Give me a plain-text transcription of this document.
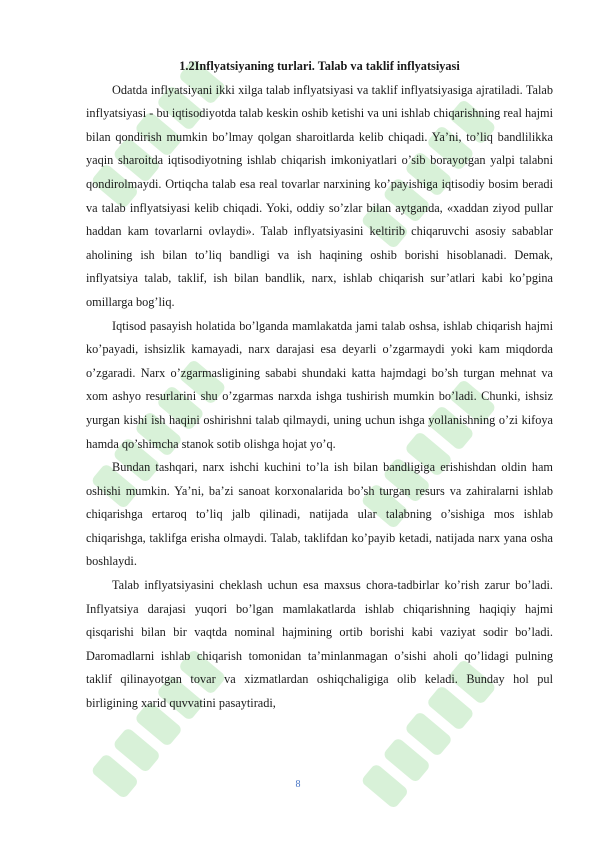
1.2Inflyatsiyaning turlari. Talab va taklif inflyatsiyasi

Odatda inflyatsiyani ikki xilga talab inflyatsiyasi va taklif inflyatsiyasiga ajratiladi. Talab inflyatsiyasi - bu iqtisodiyotda talab keskin oshib ketishi va uni ishlab chiqarishning real hajmi bilan qondirish mumkin bo’lmay qolgan sharoitlarda kelib chiqadi. Ya’ni, to’liq bandlilikka yaqin sharoitda iqtisodiyotning ishlab chiqarish imkoniyatlari o’sib borayotgan yalpi talabni qondirolmaydi. Ortiqcha talab esa real tovarlar narxining ko’payishiga iqtisodiy bosim beradi va talab inflyatsiyasi kelib chiqadi. Yoki, oddiy so’zlar bilan aytganda, «xaddan ziyod pullar haddan kam tovarlarni ovlaydi». Talab inflyatsiyasini keltirib chiqaruvchi asosiy sabablar aholining ish bilan to’liq bandligi va ish haqining oshib borishi hisoblanadi. Demak, inflyatsiya talab, taklif, ish bilan bandlik, narx, ishlab chiqarish sur’atlari kabi ko’pgina omillarga bog’liq.

Iqtisod pasayish holatida bo’lganda mamlakatda jami talab oshsa, ishlab chiqarish hajmi ko’payadi, ishsizlik kamayadi, narx darajasi esa deyarli o’zgarmaydi yoki kam miqdorda o’zgaradi. Narx o’zgarmasligining sababi shundaki katta hajmdagi bo’sh turgan mehnat va xom ashyo resurlarini shu o’zgarmas narxda ishga tushirish mumkin bo’ladi. Chunki, ishsiz yurgan kishi ish haqini oshirishni talab qilmaydi, uning uchun ishga yollanishning o’zi kifoya hamda qo’shimcha stanok sotib olishga hojat yo’q.

Bundan tashqari, narx ishchi kuchini to’la ish bilan bandligiga erishishdan oldin ham oshishi mumkin. Ya’ni, ba’zi sanoat korxonalarida bo’sh turgan resurs va zahiralarni ishlab chiqarishga ertaroq to’liq jalb qilinadi, natijada ular talabning o’sishiga mos ishlab chiqarishga, taklifga erisha olmaydi. Talab, taklifdan ko’payib ketadi, natijada narx yana osha boshlaydi.

Talab inflyatsiyasini cheklash uchun esa maxsus chora-tadbirlar ko’rish zarur bo’ladi. Inflyatsiya darajasi yuqori bo’lgan mamlakatlarda ishlab chiqarishning haqiqiy hajmi qisqarishi bilan bir vaqtda nominal hajmining ortib borishi kabi vaziyat sodir bo’ladi. Daromadlarni ishlab chiqarish tomonidan ta’minlanmagan o’sishi aholi qo’lidagi pulning taklif qilinayotgan tovar va xizmatlardan oshiqchaligiga olib keladi. Bunday hol pul birligining xarid quvvatini pasaytiradi,

8
